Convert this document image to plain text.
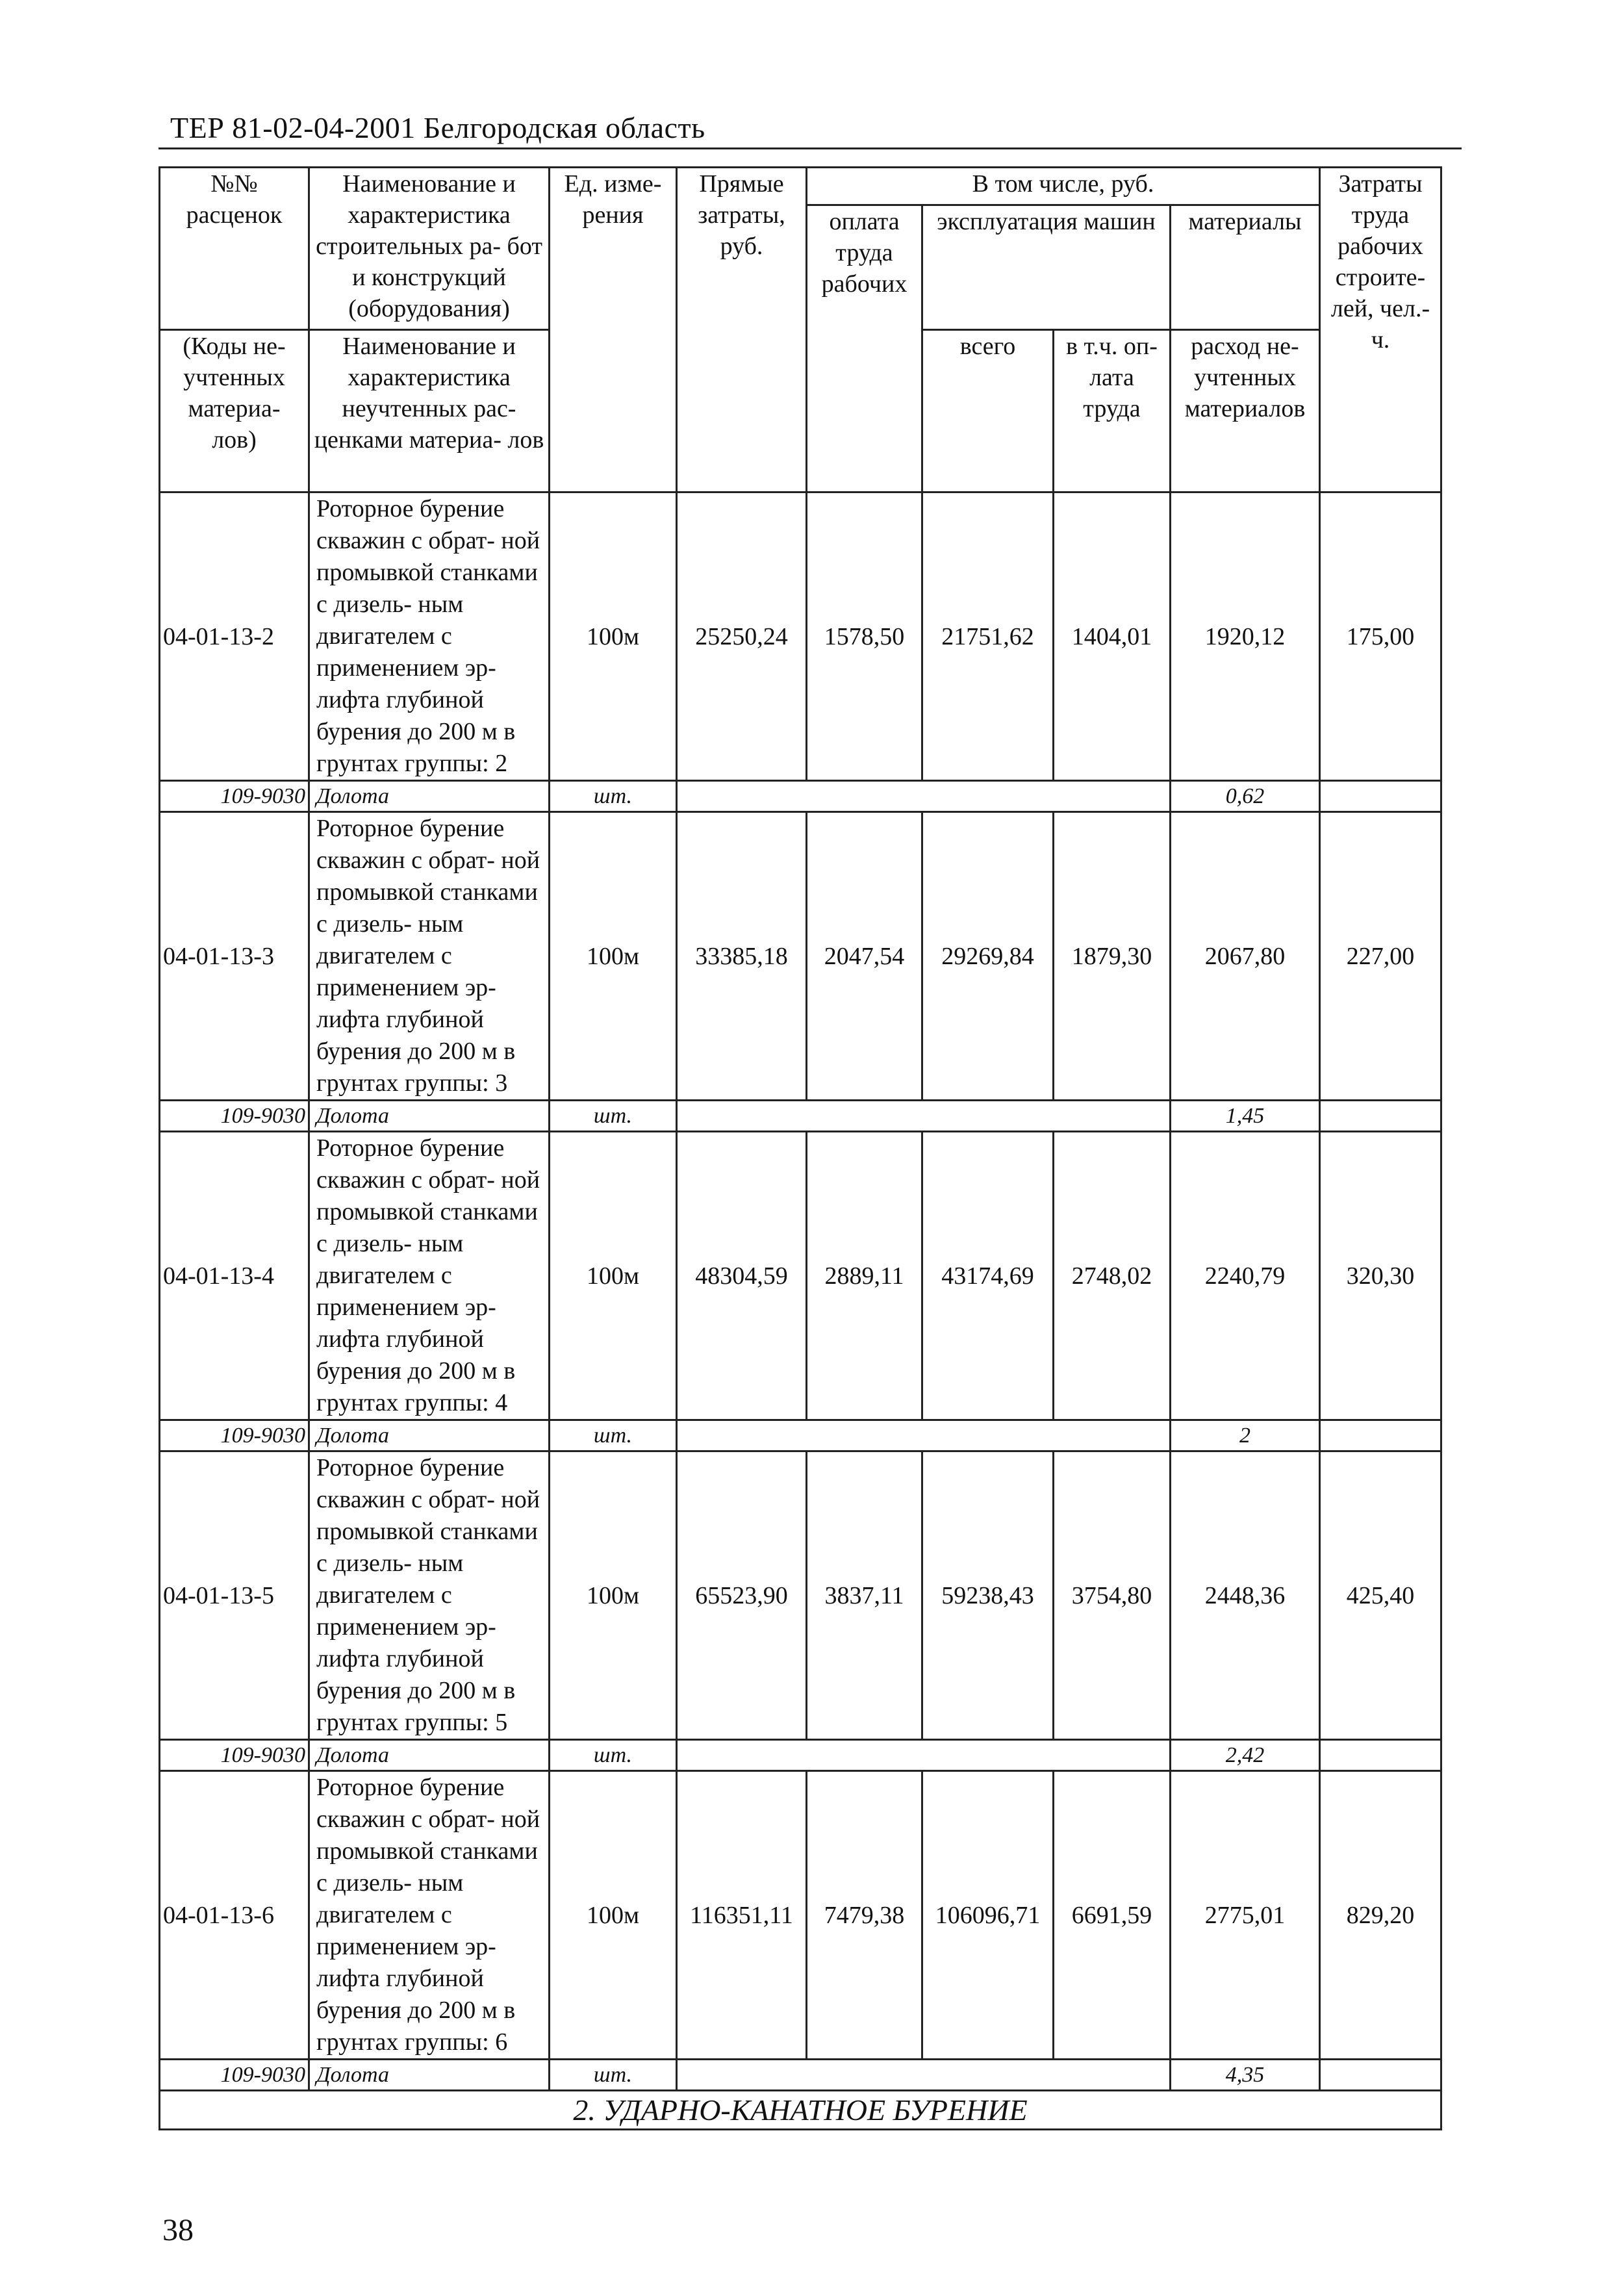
ТЕР 81-02-04-2001 Белгородская область
№№ расценок	Наименование и характеристика строительных ра- бот и конструкций (оборудования)	Ед. изме- рения	Прямые затраты, руб.	В том числе, руб.				Затраты труда рабочих строите- лей, чел.-ч.
				оплата труда рабочих	эксплуатация машин		материалы	
(Коды не- учтенных материа- лов)	Наименование и характеристика неучтенных рас- ценками материа- лов				всего	в т.ч. оп- лата труда	расход не- учтенных материалов	
04-01-13-2	Роторное бурение скважин с обрат- ной промывкой станками с дизель- ным двигателем с применением эр- лифта глубиной бурения до 200 м в грунтах группы: 2	100м	25250,24	1578,50	21751,62	1404,01	1920,12	175,00
109-9030	Долота	шт.					0,62	
04-01-13-3	Роторное бурение скважин с обрат- ной промывкой станками с дизель- ным двигателем с применением эр- лифта глубиной бурения до 200 м в грунтах группы: 3	100м	33385,18	2047,54	29269,84	1879,30	2067,80	227,00
109-9030	Долота	шт.					1,45	
04-01-13-4	Роторное бурение скважин с обрат- ной промывкой станками с дизель- ным двигателем с применением эр- лифта глубиной бурения до 200 м в грунтах группы: 4	100м	48304,59	2889,11	43174,69	2748,02	2240,79	320,30
109-9030	Долота	шт.					2	
04-01-13-5	Роторное бурение скважин с обрат- ной промывкой станками с дизель- ным двигателем с применением эр- лифта глубиной бурения до 200 м в грунтах группы: 5	100м	65523,90	3837,11	59238,43	3754,80	2448,36	425,40
109-9030	Долота	шт.					2,42	
04-01-13-6	Роторное бурение скважин с обрат- ной промывкой станками с дизель- ным двигателем с применением эр- лифта глубиной бурения до 200 м в грунтах группы: 6	100м	116351,11	7479,38	106096,71	6691,59	2775,01	829,20
109-9030	Долота	шт.					4,35	
2. УДАРНО-КАНАТНОЕ БУРЕНИЕ								
38
